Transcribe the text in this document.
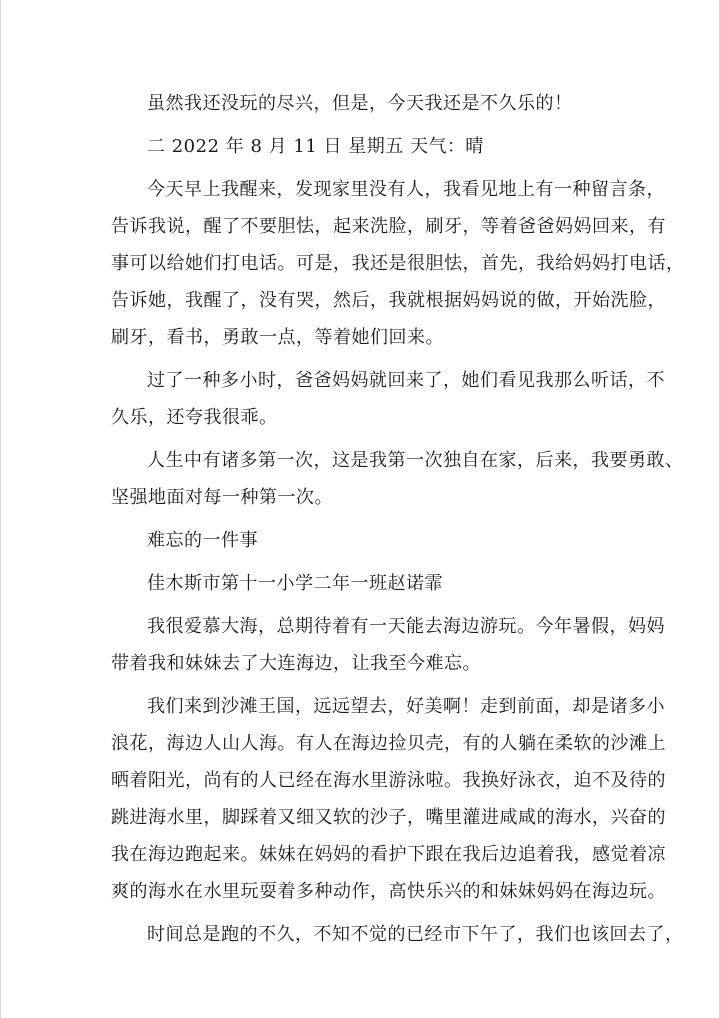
虽然我还没玩的尽兴，但是，今天我还是不久乐的！
二 2022 年 8 月 11 日 星期五 天气：晴
今天早上我醒来，发现家里没有人，我看见地上有一种留言条，
告诉我说，醒了不要胆怯，起来洗脸，刷牙，等着爸爸妈妈回来，有
事可以给她们打电话。可是，我还是很胆怯，首先，我给妈妈打电话，
告诉她，我醒了，没有哭，然后，我就根据妈妈说的做，开始洗脸，
刷牙，看书，勇敢一点，等着她们回来。
过了一种多小时，爸爸妈妈就回来了，她们看见我那么听话，不
久乐，还夸我很乖。
人生中有诸多第一次，这是我第一次独自在家，后来，我要勇敢、
坚强地面对每一种第一次。
难忘的一件事
佳木斯市第十一小学二年一班赵诺霏
我很爱慕大海，总期待着有一天能去海边游玩。今年暑假，妈妈
带着我和妹妹去了大连海边，让我至今难忘。
我们来到沙滩王国，远远望去，好美啊！走到前面，却是诸多小
浪花，海边人山人海。有人在海边捡贝壳，有的人躺在柔软的沙滩上
晒着阳光，尚有的人已经在海水里游泳啦。我换好泳衣，迫不及待的
跳进海水里，脚踩着又细又软的沙子，嘴里灌进咸咸的海水，兴奋的
我在海边跑起来。妹妹在妈妈的看护下跟在我后边追着我，感觉着凉
爽的海水在水里玩耍着多种动作，高快乐兴的和妹妹妈妈在海边玩。
时间总是跑的不久，不知不觉的已经市下午了，我们也该回去了，
